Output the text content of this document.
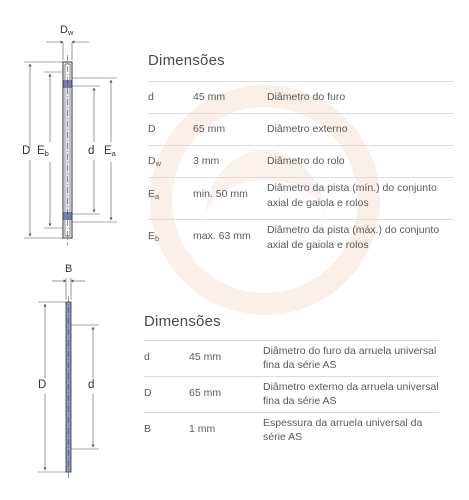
$D_w$
D $E_b$	d $E_a$
B
D	d
Dimensões
d	45 mm	Diâmetro do furo
D	65 mm	Diâmetro externo
$D_w$	3 mm	Diâmetro do rolo
$E_a$	min. 50 mm	Diâmetro da pista (mín.) do conjunto axial de gaiola e rolos
$E_b$	max. 63 mm	Diâmetro da pista (máx.) do conjunto axial de gaiola e rolos
Dimensões
d	45 mm	Diâmetro do furo da arruela universal fina da série AS
D	65 mm	Diâmetro externo da arruela universal fina da série AS
B	1 mm	Espessura da arruela universal da série AS
